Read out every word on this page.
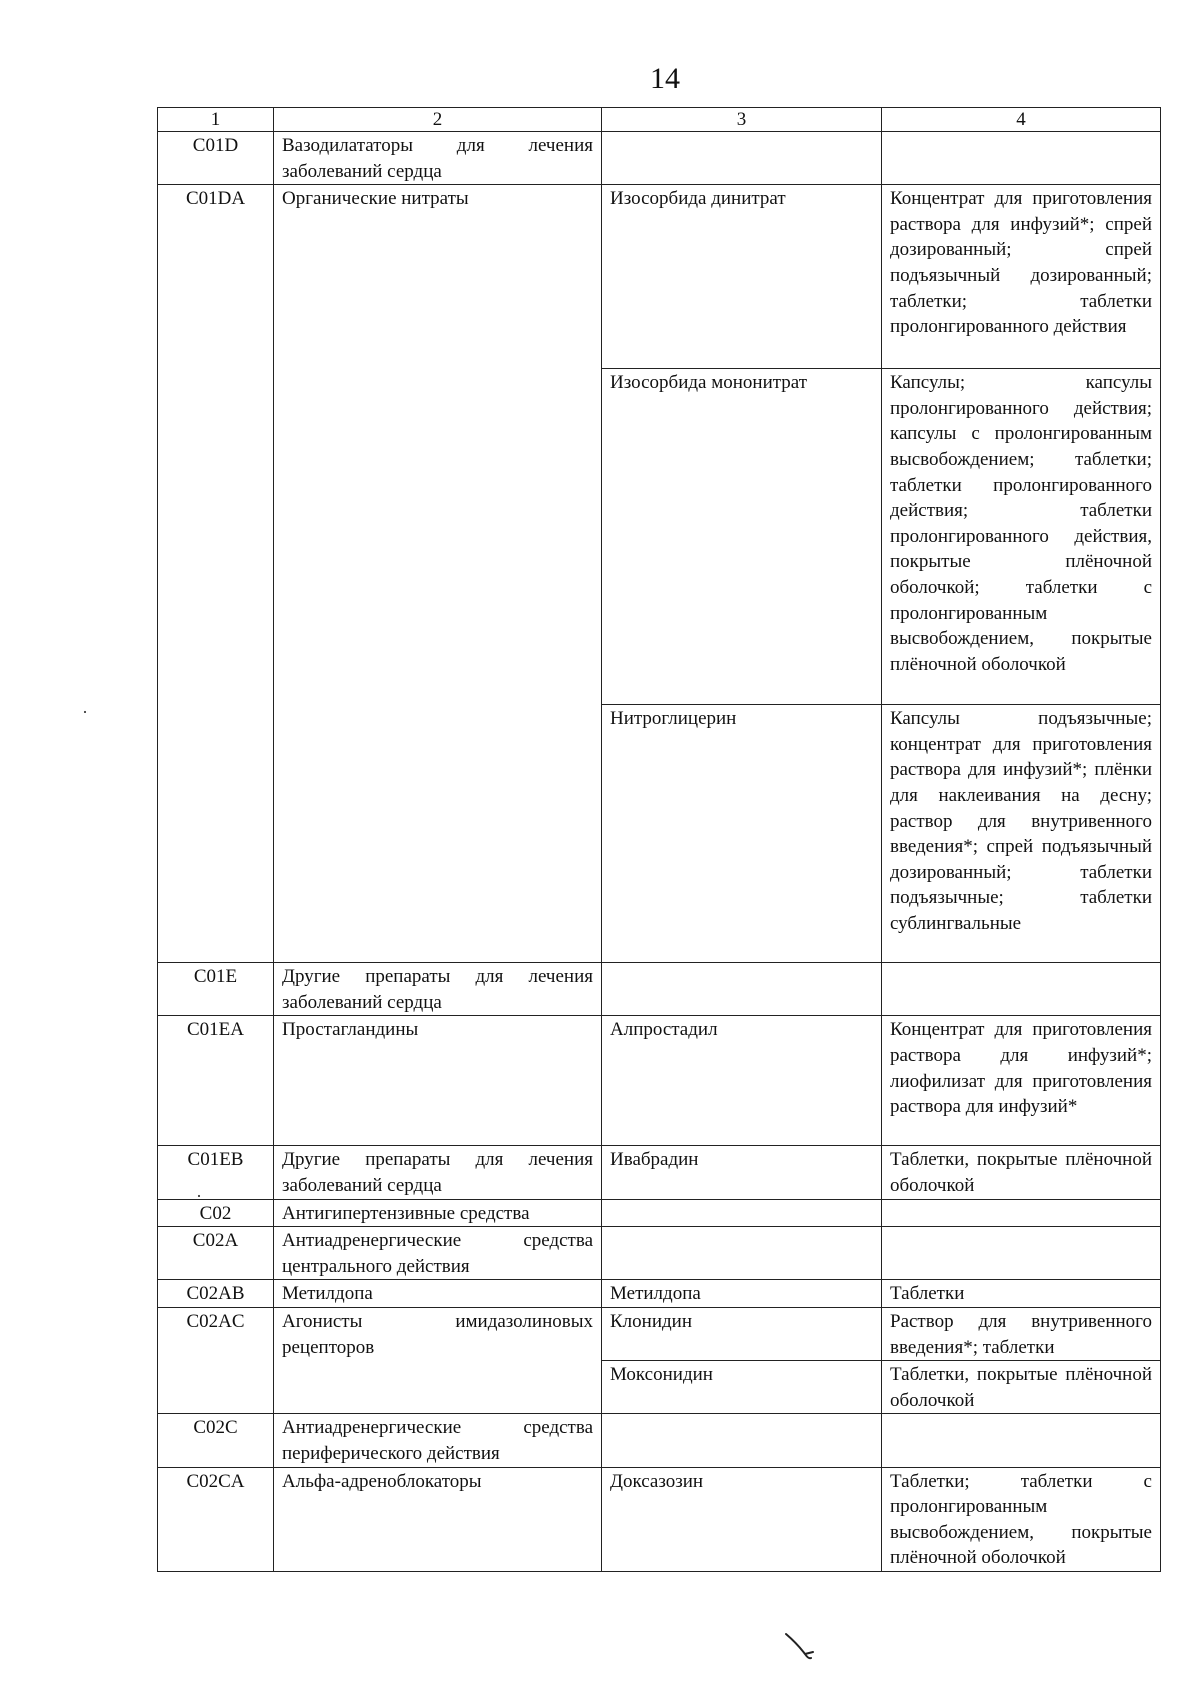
14
1	2	3	4
C01D	Вазодилататоры для лечения заболеваний сердца		
C01DA	Органические нитраты	Изосорбида динитрат	Концентрат для приготовления раствора для инфузий*; спрей дозированный; спрей подъязычный дозированный; таблетки; таблетки пролонгированного действия
		Изосорбида мононитрат	Капсулы; капсулы пролонгированного действия; капсулы с пролонгированным высвобождением; таблетки; таблетки пролонгированного действия; таблетки пролонгированного действия, покрытые плёночной оболочкой; таблетки с пролонгированным высвобождением, покрытые плёночной оболочкой
		Нитроглицерин	Капсулы подъязычные; концентрат для приготовления раствора для инфузий*; плёнки для наклеивания на десну; раствор для внутривенного введения*; спрей подъязычный дозированный; таблетки подъязычные; таблетки сублингвальные
C01E	Другие препараты для лечения заболеваний сердца		
C01EA	Простагландины	Алпростадил	Концентрат для приготовления раствора для инфузий*; лиофилизат для приготовления раствора для инфузий*
C01EB	Другие препараты для лечения заболеваний сердца	Ивабрадин	Таблетки, покрытые плёночной оболочкой
C02	Антигипертензивные средства		
C02A	Антиадренергические средства центрального действия		
C02AB	Метилдопа	Метилдопа	Таблетки
C02AC	Агонисты имидазолиновых рецепторов	Клонидин	Раствор для внутривенного введения*; таблетки
		Моксонидин	Таблетки, покрытые плёночной оболочкой
C02C	Антиадренергические средства периферического действия		
C02CA	Альфа-адреноблокаторы	Доксазозин	Таблетки; таблетки с пролонгированным высвобождением, покрытые плёночной оболочкой
·
·
